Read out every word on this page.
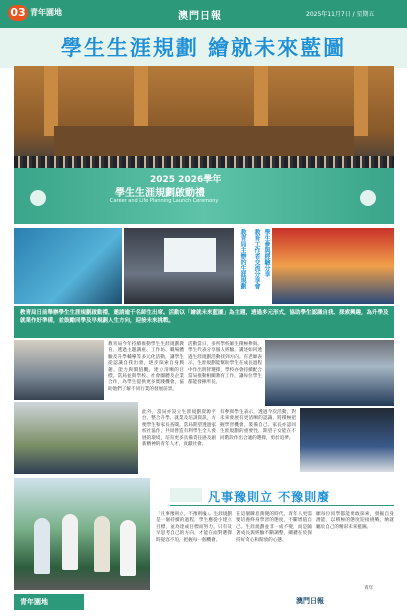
03 青年園地	澳門日報	2025年11月7日 / 星期五
學生生涯規劃 繪就未來藍圖
2025 2026學年
學生生涯規劃啟動禮
Career and Life Planning Launch Ceremony
教青局主辦的生涯規劃 教育工作者交流分享會 學生參與經驗分享
教青局日前舉辦學生生涯規劃啟動禮，邀請逾千名師生出席。活動以「繪就未來藍圖」為主題，透過多元形式，協助學生認識自我、探索興趣，為升學及就業作好準備，並鼓勵同學及早規劃人生方向，迎接未來挑戰。
教青局今年持續推動學生生涯規劃教育，透過主題講座、工作坊、職場體驗及升學輔導等多元化活動，讓學生從認識自我出發，逐步探索自身興趣、能力與價值觀，建立清晰的目標。當局並與學校、社會團體及企業合作，為學生提供更多實踐機會，協助他們了解不同行業的發展前景。
活動當日，多所學校師生積極參與。學生代表分享個人經驗，講述如何透過生涯規劃活動找到方向。有老師表示，生涯規劃能幫助學生在成長過程中作出明智選擇，學校亦會持續配合當局推動相關教育工作，讓每位學生都能發揮所長。
此外，當局亦設立生涯規劃資源平台，整合升學、就業及培訓資訊，方便學生和家長查閱。當局期望透過家校社協作，共同營造有利學生全人發展的環境，培育更多具備責任感及創新精神的青年人才，貢獻社會。
有參與學生表示，透過今次活動，對未來發展有更清晰的認識，將積極把握學習機會，裝備自己。家長亦認同生涯規劃的重要性，期望子女能在不同階段作出合適的選擇，勇於追夢。
凡事豫則立 不豫則廢
「凡事豫則立，不豫則廢」。生涯規劃是一個持續的過程，學生應從小建立目標，並為達成目標而努力。只有及早思考自己的方向，才能在面對選擇時從容不迫，把握每一個機會。
在這個瞬息萬變的時代，青年人更需要培養終身學習的態度，不斷增值自己。生涯規劃並非一成不變，而是隨著成長與經驗不斷調整，關鍵在於保持好奇心和開放的心態。
願每位同學都能勇敢探索，發掘自身潛能，以積極的態度迎接挑戰，繪就屬於自己的精彩未來藍圖。
青年
青年園地	澳門日報
